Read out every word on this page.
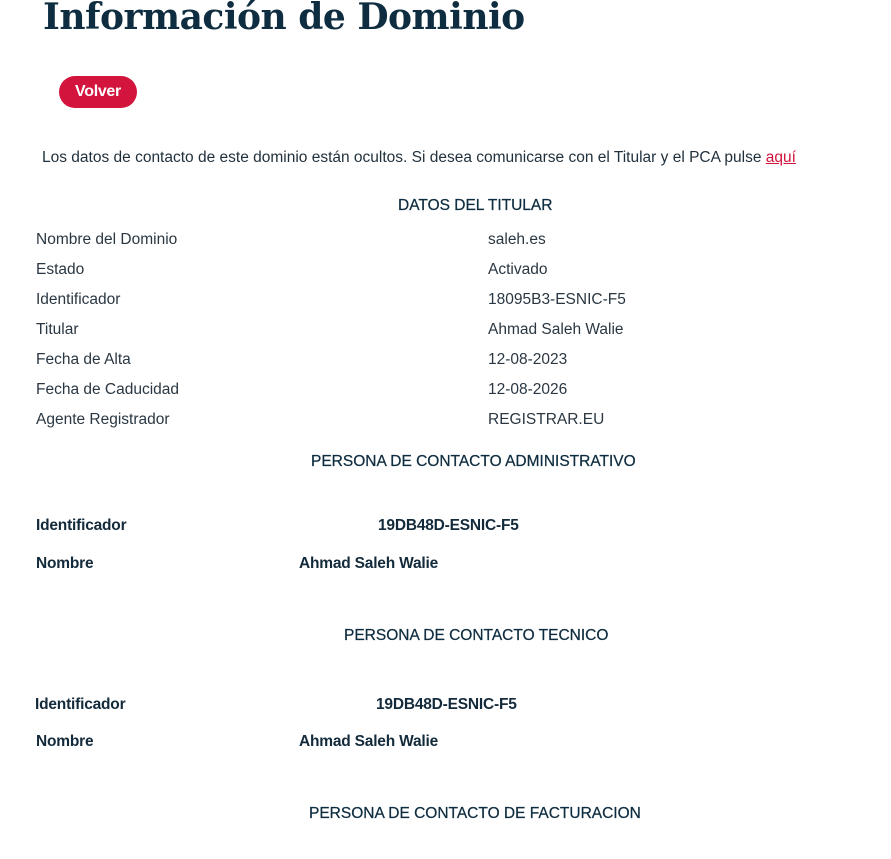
Información de Dominio
Volver

Los datos de contacto de este dominio están ocultos. Si desea comunicarse con el Titular y el PCA pulse aquí

DATOS DEL TITULAR
Nombre del Dominio	saleh.es
Estado	Activado
Identificador	18095B3-ESNIC-F5
Titular	Ahmad Saleh Walie
Fecha de Alta	12-08-2023
Fecha de Caducidad	12-08-2026
Agente Registrador	REGISTRAR.EU
PERSONA DE CONTACTO ADMINISTRATIVO
Identificador	19DB48D-ESNIC-F5
Nombre	Ahmad Saleh Walie
PERSONA DE CONTACTO TECNICO
Identificador	19DB48D-ESNIC-F5
Nombre	Ahmad Saleh Walie
PERSONA DE CONTACTO DE FACTURACION
